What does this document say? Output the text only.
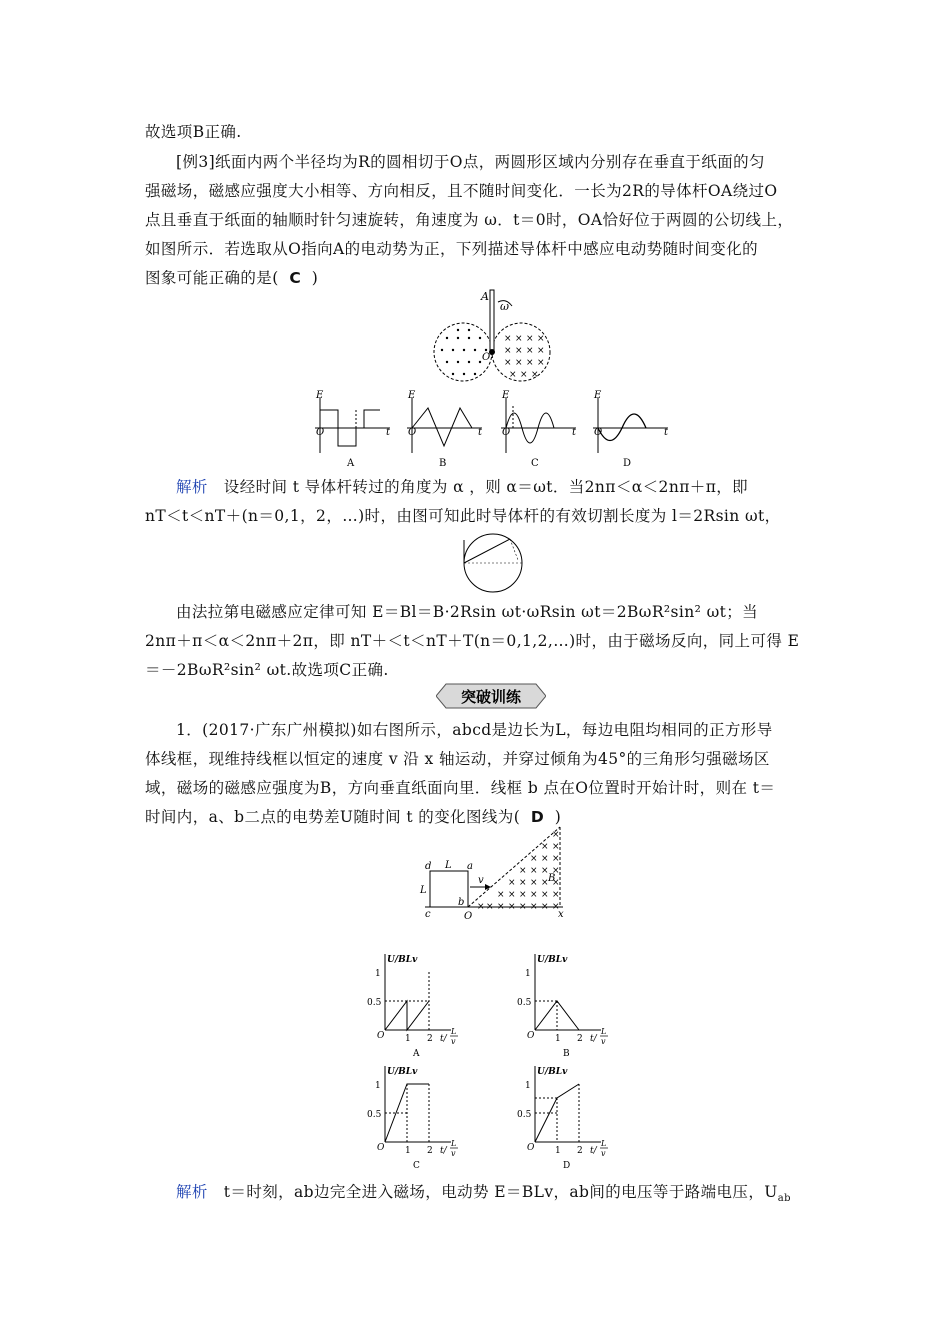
故选项B正确.
[例3]纸面内两个半径均为R的圆相切于O点，两圆形区域内分别存在垂直于纸面的匀
强磁场，磁感应强度大小相等、方向相反，且不随时间变化．一长为2R的导体杆OA绕过O
点且垂直于纸面的轴顺时针匀速旋转，角速度为 ω．t＝0时，OA恰好位于两圆的公切线上，
如图所示．若选取从O指向A的电动势为正，下列描述导体杆中感应电动势随时间变化的
图象可能正确的是( C )
A
ω
× × × ×
× × × ×
× × × ×
× × ×
O
E
O	t
A
E
O	t
B
E
O	t
C
E
O	t
D
解析 设经时间 t 导体杆转过的角度为 α ，则 α＝ωt．当2nπ＜α＜2nπ＋π，即
nT＜t＜nT＋(n＝0,1，2，…)时，由图可知此时导体杆的有效切割长度为 l＝2Rsin ωt，
由法拉第电磁感应定律可知 E＝Bl＝B·2Rsin ωt·ωRsin ωt＝2BωR²sin² ωt；当
2nπ＋π＜α＜2nπ＋2π，即 nT＋＜t＜nT＋T(n＝0,1,2,…)时，由于磁场反向，同上可得 E
＝－2BωR²sin² ωt.故选项C正确.
突破训练
1．(2017·广东广州模拟)如右图所示，abcd是边长为L，每边电阻均相同的正方形导
体线框，现维持线框以恒定的速度 v 沿 x 轴运动，并穿过倾角为45°的三角形匀强磁场区
域，磁场的磁感应强度为B，方向垂直纸面向里．线框 b 点在O位置时开始计时，则在 t＝
时间内，a、b二点的电势差U随时间 t 的变化图线为( D )
×
× ×
× × ×
× × × ×
× × × × ×
× × × × × ×
× × × × × × × ×
d L a
L
v
b
c	O	x
B
U/BLv
1
0.5
O 1 2 t/
L
v
A
U/BLv
1
0.5
O 1 2 t/
L
v
B
U/BLv
1
0.5
O 1 2 t/
L
v
C
U/BLv
1
0.5
O 1 2 t/
L
v
D
解析 t＝时刻，ab边完全进入磁场，电动势 E＝BLv，ab间的电压等于路端电压，$U_{ab}$
